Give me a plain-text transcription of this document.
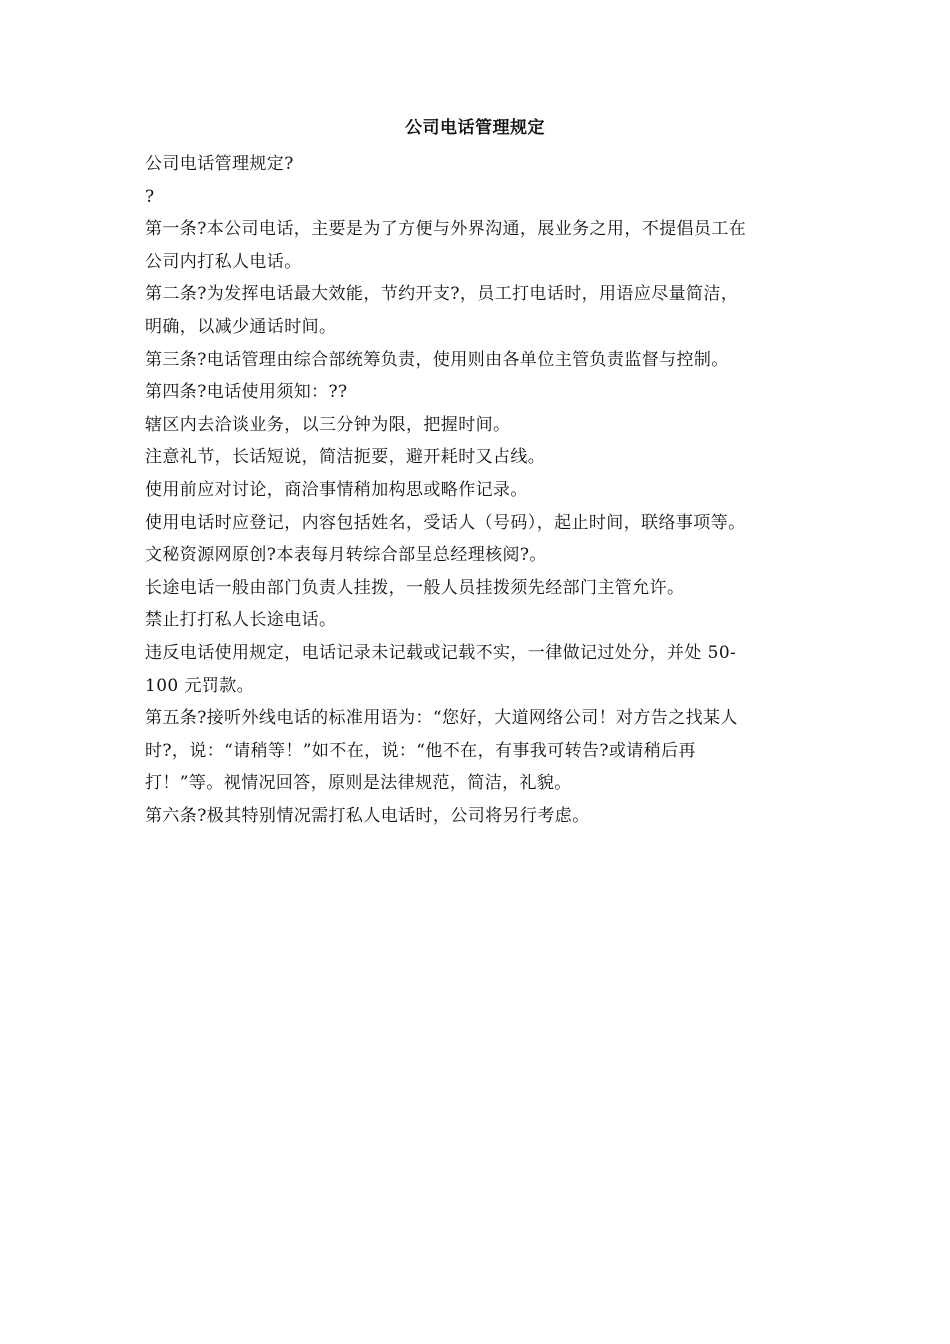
公司电话管理规定
公司电话管理规定?
?
第一条?本公司电话，主要是为了方便与外界沟通，展业务之用，不提倡员工在
公司内打私人电话。
第二条?为发挥电话最大效能，节约开支?，员工打电话时，用语应尽量简洁，
明确，以减少通话时间。
第三条?电话管理由综合部统筹负责，使用则由各单位主管负责监督与控制。
第四条?电话使用须知：??
辖区内去洽谈业务，以三分钟为限，把握时间。
注意礼节，长话短说，简洁扼要，避开耗时又占线。
使用前应对讨论，商洽事情稍加构思或略作记录。
使用电话时应登记，内容包括姓名，受话人（号码），起止时间，联络事项等。
文秘资源网原创?本表每月转综合部呈总经理核阅?。
长途电话一般由部门负责人挂拨，一般人员挂拨须先经部门主管允许。
禁止打打私人长途电话。
违反电话使用规定，电话记录未记载或记载不实，一律做记过处分，并处 50-
100 元罚款。
第五条?接听外线电话的标准用语为：“您好，大道网络公司！对方告之找某人
时?，说：“请稍等！”如不在，说：“他不在，有事我可转告?或请稍后再
打！”等。视情况回答，原则是法律规范，简洁，礼貌。
第六条?极其特别情况需打私人电话时，公司将另行考虑。
